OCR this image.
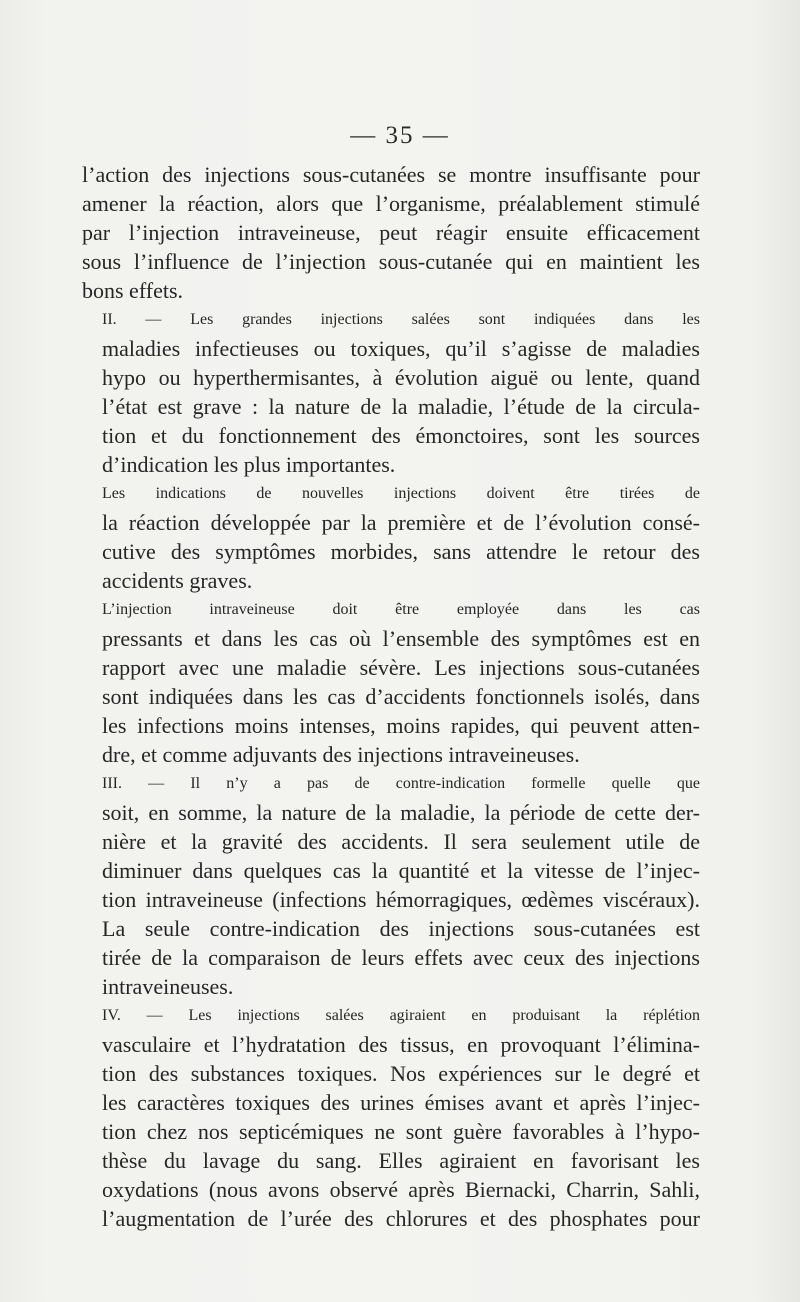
— 35 —

l’action des injections sous-cutanées se montre insuffisante pour
amener la réaction, alors que l’organisme, préalablement stimulé
par l’injection intraveineuse, peut réagir ensuite efficacement
sous l’influence de l’injection sous-cutanée qui en maintient les
bons effets.

II. — Les grandes injections salées sont indiquées dans les
maladies infectieuses ou toxiques, qu’il s’agisse de maladies
hypo ou hyperthermisantes, à évolution aiguë ou lente, quand
l’état est grave : la nature de la maladie, l’étude de la circula-
tion et du fonctionnement des émonctoires, sont les sources
d’indication les plus importantes.

Les indications de nouvelles injections doivent être tirées de
la réaction développée par la première et de l’évolution consé-
cutive des symptômes morbides, sans attendre le retour des
accidents graves.

L’injection intraveineuse doit être employée dans les cas
pressants et dans les cas où l’ensemble des symptômes est en
rapport avec une maladie sévère. Les injections sous-cutanées
sont indiquées dans les cas d’accidents fonctionnels isolés, dans
les infections moins intenses, moins rapides, qui peuvent atten-
dre, et comme adjuvants des injections intraveineuses.

III. — Il n’y a pas de contre-indication formelle quelle que
soit, en somme, la nature de la maladie, la période de cette der-
nière et la gravité des accidents. Il sera seulement utile de
diminuer dans quelques cas la quantité et la vitesse de l’injec-
tion intraveineuse (infections hémorragiques, œdèmes viscéraux).
La seule contre-indication des injections sous-cutanées est
tirée de la comparaison de leurs effets avec ceux des injections
intraveineuses.

IV. — Les injections salées agiraient en produisant la réplétion
vasculaire et l’hydratation des tissus, en provoquant l’élimina-
tion des substances toxiques. Nos expériences sur le degré et
les caractères toxiques des urines émises avant et après l’injec-
tion chez nos septicémiques ne sont guère favorables à l’hypo-
thèse du lavage du sang. Elles agiraient en favorisant les
oxydations (nous avons observé après Biernacki, Charrin, Sahli,
l’augmentation de l’urée des chlorures et des phosphates pour
